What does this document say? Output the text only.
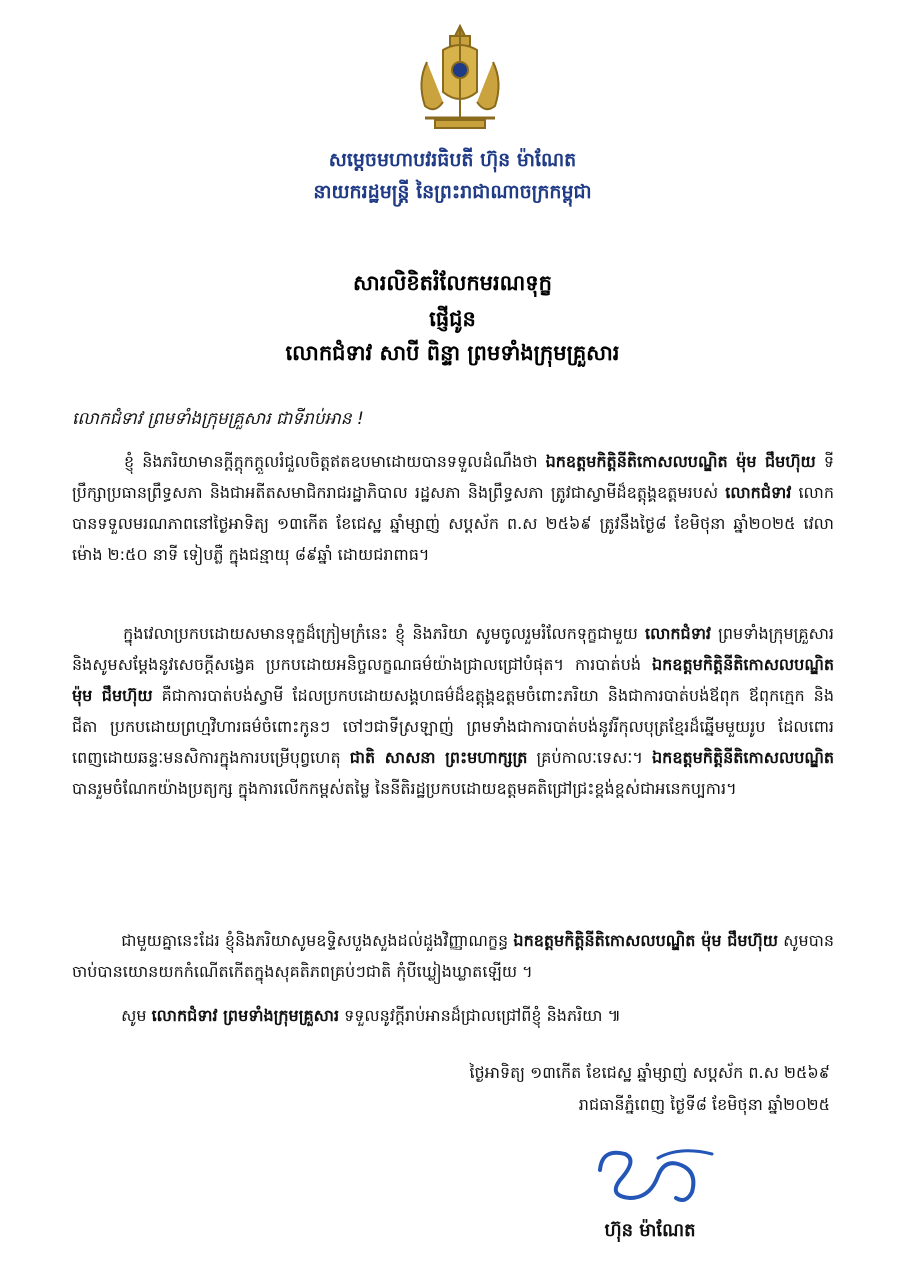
សម្តេចមហាបវរធិបតី ហ៊ុន ម៉ាណែត
នាយករដ្ឋមន្ត្រី នៃព្រះរាជាណាចក្រកម្ពុជា
សារលិខិតរំលែកមរណទុក្ខ
ផ្ញើជូន
លោកជំទាវ សាបី ពិន្ទា ព្រមទាំងក្រុមគ្រួសារ
លោកជំទាវ ព្រមទាំងក្រុមគ្រួសារ ជាទីរាប់អាន !
ខ្ញុំ និងភរិយាមានក្តីក្តុកក្តួលរំជួលចិត្តឥតឧបមាដោយបានទទួលដំណឹងថា ឯកឧត្តមកិត្តិនីតិកោសលបណ្ឌិត ម៉ុម ជឹមហ៊ុយ ទីប្រឹក្សាប្រធានព្រឹទ្ធសភា និងជាអតីតសមាជិករាជរដ្ឋាភិបាល រដ្ឋសភា និងព្រឹទ្ធសភា ត្រូវជាស្វាមីដ៏ឧត្តុង្គឧត្តមរបស់ លោកជំទាវ លោកបានទទួលមរណភាពនៅថ្ងៃអាទិត្យ ១៣កើត ខែជេស្ឋ ឆ្នាំម្សាញ់ សប្តស័ក ព.ស ២៥៦៩ ត្រូវនឹងថ្ងៃ៨ ខែមិថុនា ឆ្នាំ២០២៥ វេលាម៉ោង ២:៥០ នាទី ទៀបភ្លឺ ក្នុងជន្មាយុ ៨៩ឆ្នាំ ដោយជរាពាធ។
ក្នុងវេលាប្រកបដោយសមានទុក្ខដ៏ក្រៀមក្រំនេះ ខ្ញុំ និងភរិយា សូមចូលរួមរំលែកទុក្ខជាមួយ លោកជំទាវ ព្រមទាំងក្រុមគ្រួសារ និងសូមសម្តែងនូវសេចក្តីសង្វេគ ប្រកបដោយអនិច្ចលក្ខណធម៌យ៉ាងជ្រាលជ្រៅបំផុត។ ការបាត់បង់ ឯកឧត្តមកិត្តិនីតិកោសលបណ្ឌិត ម៉ុម ជឹមហ៊ុយ គឺជាការបាត់បង់ស្វាមី ដែលប្រកបដោយសង្គហធម៌ដ៏ឧត្តុង្គឧត្តមចំពោះភរិយា និងជាការបាត់បង់ឪពុក ឪពុកក្មេក និងជីតា ប្រកបដោយព្រហ្មវិហារធម៌ចំពោះកូនៗ ចៅៗជាទីស្រឡាញ់ ព្រមទាំងជាការបាត់បង់នូវរីកុលបុត្រខ្មែរដ៏ឆ្នើមមួយរូប ដែលពោរពេញដោយឆន្ទៈមនសិការក្នុងការបម្រើបុព្វហេតុ ជាតិ សាសនា ព្រះមហាក្សត្រ គ្រប់កាលៈទេសៈ។ ឯកឧត្តមកិត្តិនីតិកោសលបណ្ឌិត បានរួមចំណែកយ៉ាងប្រត្យក្ស ក្នុងការលើកកម្ពស់តម្លៃ នៃនីតិរដ្ឋប្រកបដោយឧត្តមគតិជ្រៅជ្រះខ្ពង់ខ្ពស់ជាអនេកប្បការ។
ជាមួយគ្នានេះដែរ ខ្ញុំនិងភរិយាសូមឧទ្ទិសបួងសួងដល់ដួងវិញ្ញាណក្ខន្ធ ឯកឧត្តមកិត្តិនីតិកោសលបណ្ឌិត ម៉ុម ជឹមហ៊ុយ សូមបានចាប់បានយោនយកកំណើតកើតក្នុងសុគតិភពគ្រប់ៗជាតិ កុំបីឃ្លៀងឃ្លាតឡើយ ។
សូម លោកជំទាវ ព្រមទាំងក្រុមគ្រួសារ ទទួលនូវក្តីរាប់អានដ៏ជ្រាលជ្រៅពីខ្ញុំ និងភរិយា ៕
ថ្ងៃអាទិត្យ ១៣កើត ខែជេស្ឋ ឆ្នាំម្សាញ់ សប្តស័ក ព.ស ២៥៦៩
រាជធានីភ្នំពេញ ថ្ងៃទី៨ ខែមិថុនា ឆ្នាំ២០២៥
ហ៊ុន ម៉ាណែត
